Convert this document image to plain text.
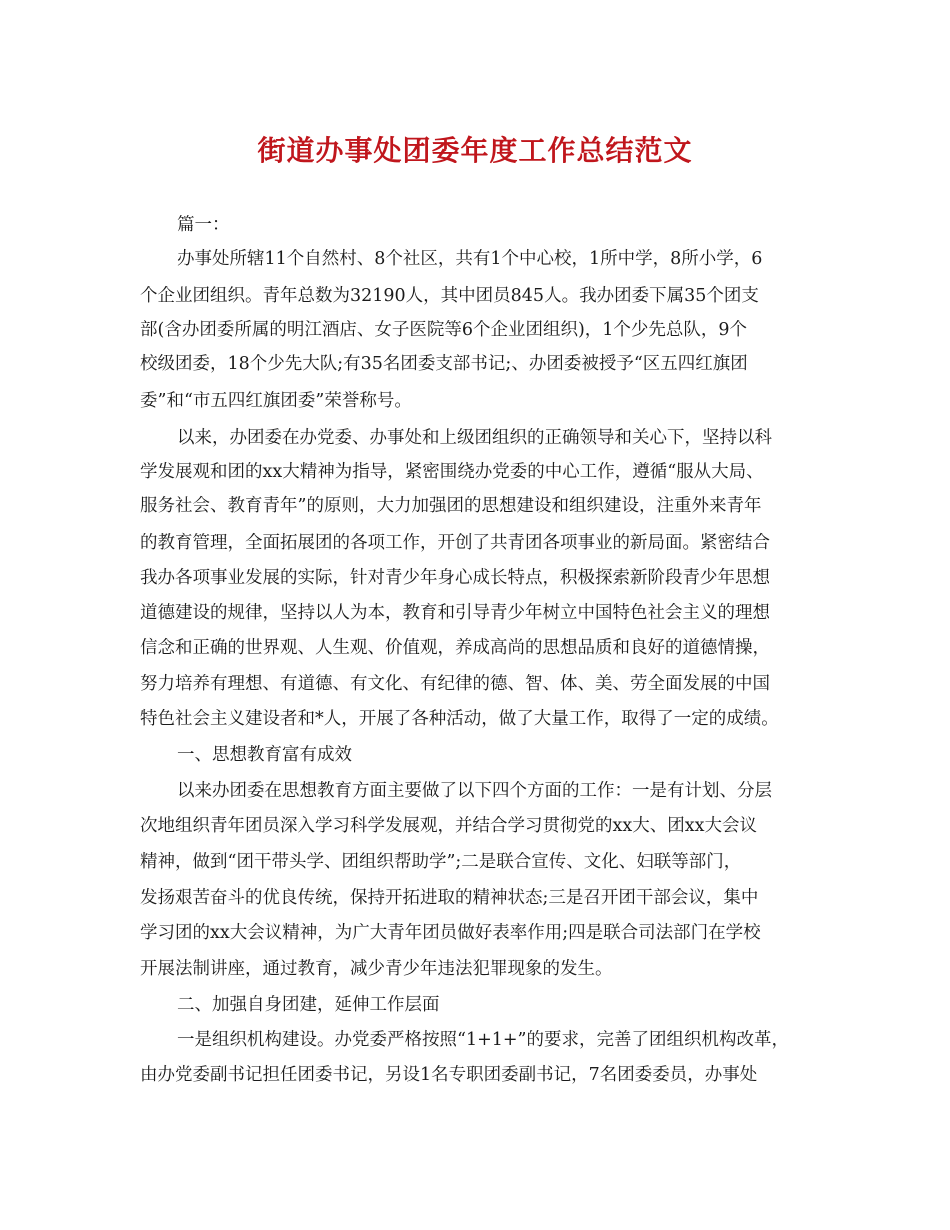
街道办事处团委年度工作总结范文

篇一：

办事处所辖11个自然村、8个社区，共有1个中心校，1所中学，8所小学，6

个企业团组织。青年总数为32190人，其中团员845人。我办团委下属35个团支

部(含办团委所属的明江酒店、女子医院等6个企业团组织)，1个少先总队，9个

校级团委，18个少先大队;有35名团委支部书记;、办团委被授予“区五四红旗团

委”和“市五四红旗团委”荣誉称号。

以来，办团委在办党委、办事处和上级团组织的正确领导和关心下，坚持以科

学发展观和团的xx大精神为指导，紧密围绕办党委的中心工作，遵循“服从大局、

服务社会、教育青年”的原则，大力加强团的思想建设和组织建设，注重外来青年

的教育管理，全面拓展团的各项工作，开创了共青团各项事业的新局面。紧密结合

我办各项事业发展的实际，针对青少年身心成长特点，积极探索新阶段青少年思想

道德建设的规律，坚持以人为本，教育和引导青少年树立中国特色社会主义的理想

信念和正确的世界观、人生观、价值观，养成高尚的思想品质和良好的道德情操，

努力培养有理想、有道德、有文化、有纪律的德、智、体、美、劳全面发展的中国

特色社会主义建设者和*人，开展了各种活动，做了大量工作，取得了一定的成绩。

一、思想教育富有成效

以来办团委在思想教育方面主要做了以下四个方面的工作：一是有计划、分层

次地组织青年团员深入学习科学发展观，并结合学习贯彻党的xx大、团xx大会议

精神，做到“团干带头学、团组织帮助学”;二是联合宣传、文化、妇联等部门，

发扬艰苦奋斗的优良传统，保持开拓进取的精神状态;三是召开团干部会议，集中

学习团的xx大会议精神，为广大青年团员做好表率作用;四是联合司法部门在学校

开展法制讲座，通过教育，减少青少年违法犯罪现象的发生。

二、加强自身团建，延伸工作层面

一是组织机构建设。办党委严格按照“1+1+”的要求，完善了团组织机构改革，

由办党委副书记担任团委书记，另设1名专职团委副书记，7名团委委员，办事处
